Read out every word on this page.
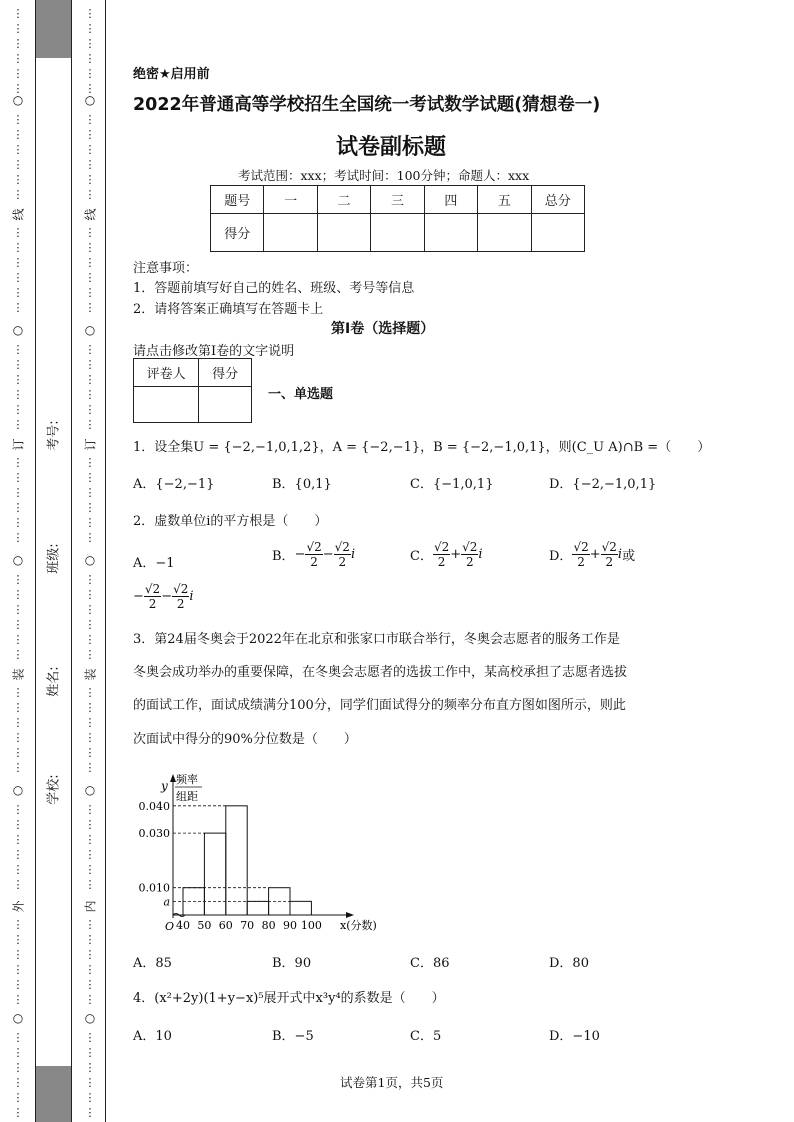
考号:
班级:
姓名:
学校:
绝密★启用前
2022年普通高等学校招生全国统一考试数学试题(猜想卷一)
试卷副标题
考试范围：xxx；考试时间：100分钟；命题人：xxx
题号	一	二	三	四	五	总分
得分						
注意事项：
1．答题前填写好自己的姓名、班级、考号等信息
2．请将答案正确填写在答题卡上
第I卷（选择题）
请点击修改第I卷的文字说明
评卷人	得分

一、单选题
1．设全集U = {−2,−1,0,1,2}，A = {−2,−1}，B = {−2,−1,0,1}，则(C_U A)∩B =（　　）
A．{−2,−1}	B．{0,1}	C．{−1,0,1}	D．{−2,−1,0,1}
2．虚数单位i的平方根是（　　）
A．−1	B．− $\frac{√2}{2} - \frac{√2}{2}$ i	C． $\frac{√2}{2} + \frac{√2}{2}$ i	D． $\frac{√2}{2} + \frac{√2}{2}$ i或
− $\frac{√2}{2} - \frac{√2}{2}$ i
3．第24届冬奥会于2022年在北京和张家口市联合举行，冬奥会志愿者的服务工作是
冬奥会成功举办的重要保障，在冬奥会志愿者的选拔工作中，某高校承担了志愿者选拔
的面试工作，面试成绩满分100分，同学们面试得分的频率分布直方图如图所示，则此
次面试中得分的90%分位数是（　　）
y 频率
组距
O	x(分数)
0.040
0.030
0.010
a
40 50 60 70 80 90 100
A．85	B．90	C．86	D．80
4．(x²+2y)(1+y−x)⁵展开式中x³y⁴的系数是（　　）
A．10	B．−5	C．5	D．−10
试卷第1页，共5页
⋮
⋮
⋮
⋮
⋮
⋮
○
⋮
⋮
⋮
⋮
⋮
⋮
线
⋮
⋮
⋮
⋮
⋮
⋮
○
⋮
⋮
⋮
⋮
⋮
⋮
订
⋮
⋮
⋮
⋮
⋮
⋮
○
⋮
⋮
⋮
⋮
⋮
⋮
装
⋮
⋮
⋮
⋮
⋮
⋮
○
⋮
⋮
⋮
⋮
⋮
⋮
外
⋮
⋮
⋮
⋮
⋮
⋮
○
⋮
⋮
⋮
⋮
⋮
⋮
⋮
⋮
⋮
⋮
⋮
⋮
○
⋮
⋮
⋮
⋮
⋮
⋮
线
⋮
⋮
⋮
⋮
⋮
⋮
○
⋮
⋮
⋮
⋮
⋮
⋮
订
⋮
⋮
⋮
⋮
⋮
⋮
○
⋮
⋮
⋮
⋮
⋮
⋮
装
⋮
⋮
⋮
⋮
⋮
⋮
○
⋮
⋮
⋮
⋮
⋮
⋮
内
⋮
⋮
⋮
⋮
⋮
⋮
○
⋮
⋮
⋮
⋮
⋮
⋮
